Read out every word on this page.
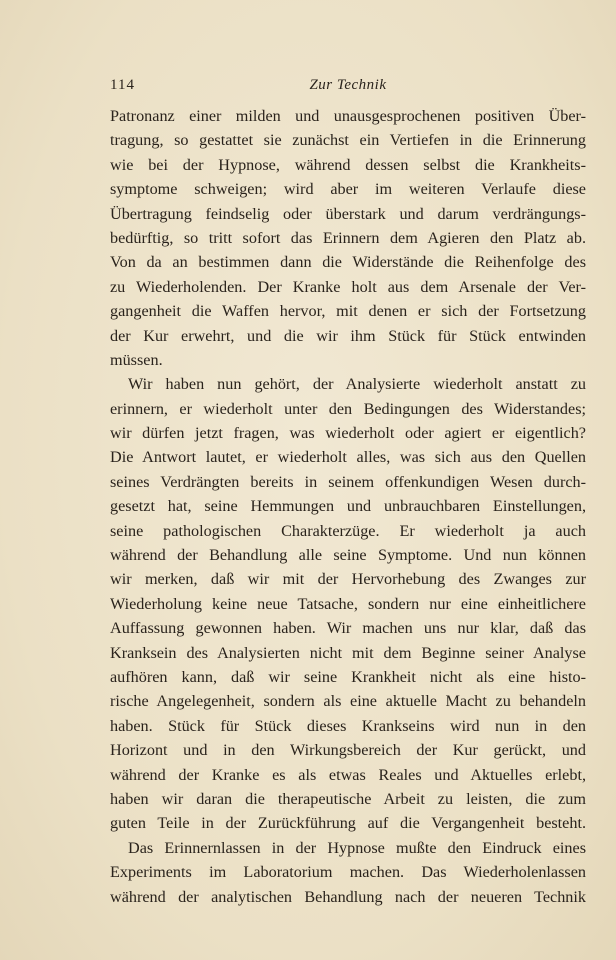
114	Zur Technik
Patronanz einer milden und unausgesprochenen positiven Über-
tragung, so gestattet sie zunächst ein Vertiefen in die Erinnerung
wie bei der Hypnose, während dessen selbst die Krankheits-
symptome schweigen; wird aber im weiteren Verlaufe diese
Übertragung feindselig oder überstark und darum verdrängungs-
bedürftig, so tritt sofort das Erinnern dem Agieren den Platz ab.
Von da an bestimmen dann die Widerstände die Reihenfolge des
zu Wiederholenden. Der Kranke holt aus dem Arsenale der Ver-
gangenheit die Waffen hervor, mit denen er sich der Fortsetzung
der Kur erwehrt, und die wir ihm Stück für Stück entwinden
müssen.
Wir haben nun gehört, der Analysierte wiederholt anstatt zu
erinnern, er wiederholt unter den Bedingungen des Widerstandes;
wir dürfen jetzt fragen, was wiederholt oder agiert er eigentlich?
Die Antwort lautet, er wiederholt alles, was sich aus den Quellen
seines Verdrängten bereits in seinem offenkundigen Wesen durch-
gesetzt hat, seine Hemmungen und unbrauchbaren Einstellungen,
seine pathologischen Charakterzüge. Er wiederholt ja auch
während der Behandlung alle seine Symptome. Und nun können
wir merken, daß wir mit der Hervorhebung des Zwanges zur
Wiederholung keine neue Tatsache, sondern nur eine einheitlichere
Auffassung gewonnen haben. Wir machen uns nur klar, daß das
Kranksein des Analysierten nicht mit dem Beginne seiner Analyse
aufhören kann, daß wir seine Krankheit nicht als eine histo-
rische Angelegenheit, sondern als eine aktuelle Macht zu behandeln
haben. Stück für Stück dieses Krankseins wird nun in den
Horizont und in den Wirkungsbereich der Kur gerückt, und
während der Kranke es als etwas Reales und Aktuelles erlebt,
haben wir daran die therapeutische Arbeit zu leisten, die zum
guten Teile in der Zurückführung auf die Vergangenheit besteht.
Das Erinnernlassen in der Hypnose mußte den Eindruck eines
Experiments im Laboratorium machen. Das Wiederholenlassen
während der analytischen Behandlung nach der neueren Technik
